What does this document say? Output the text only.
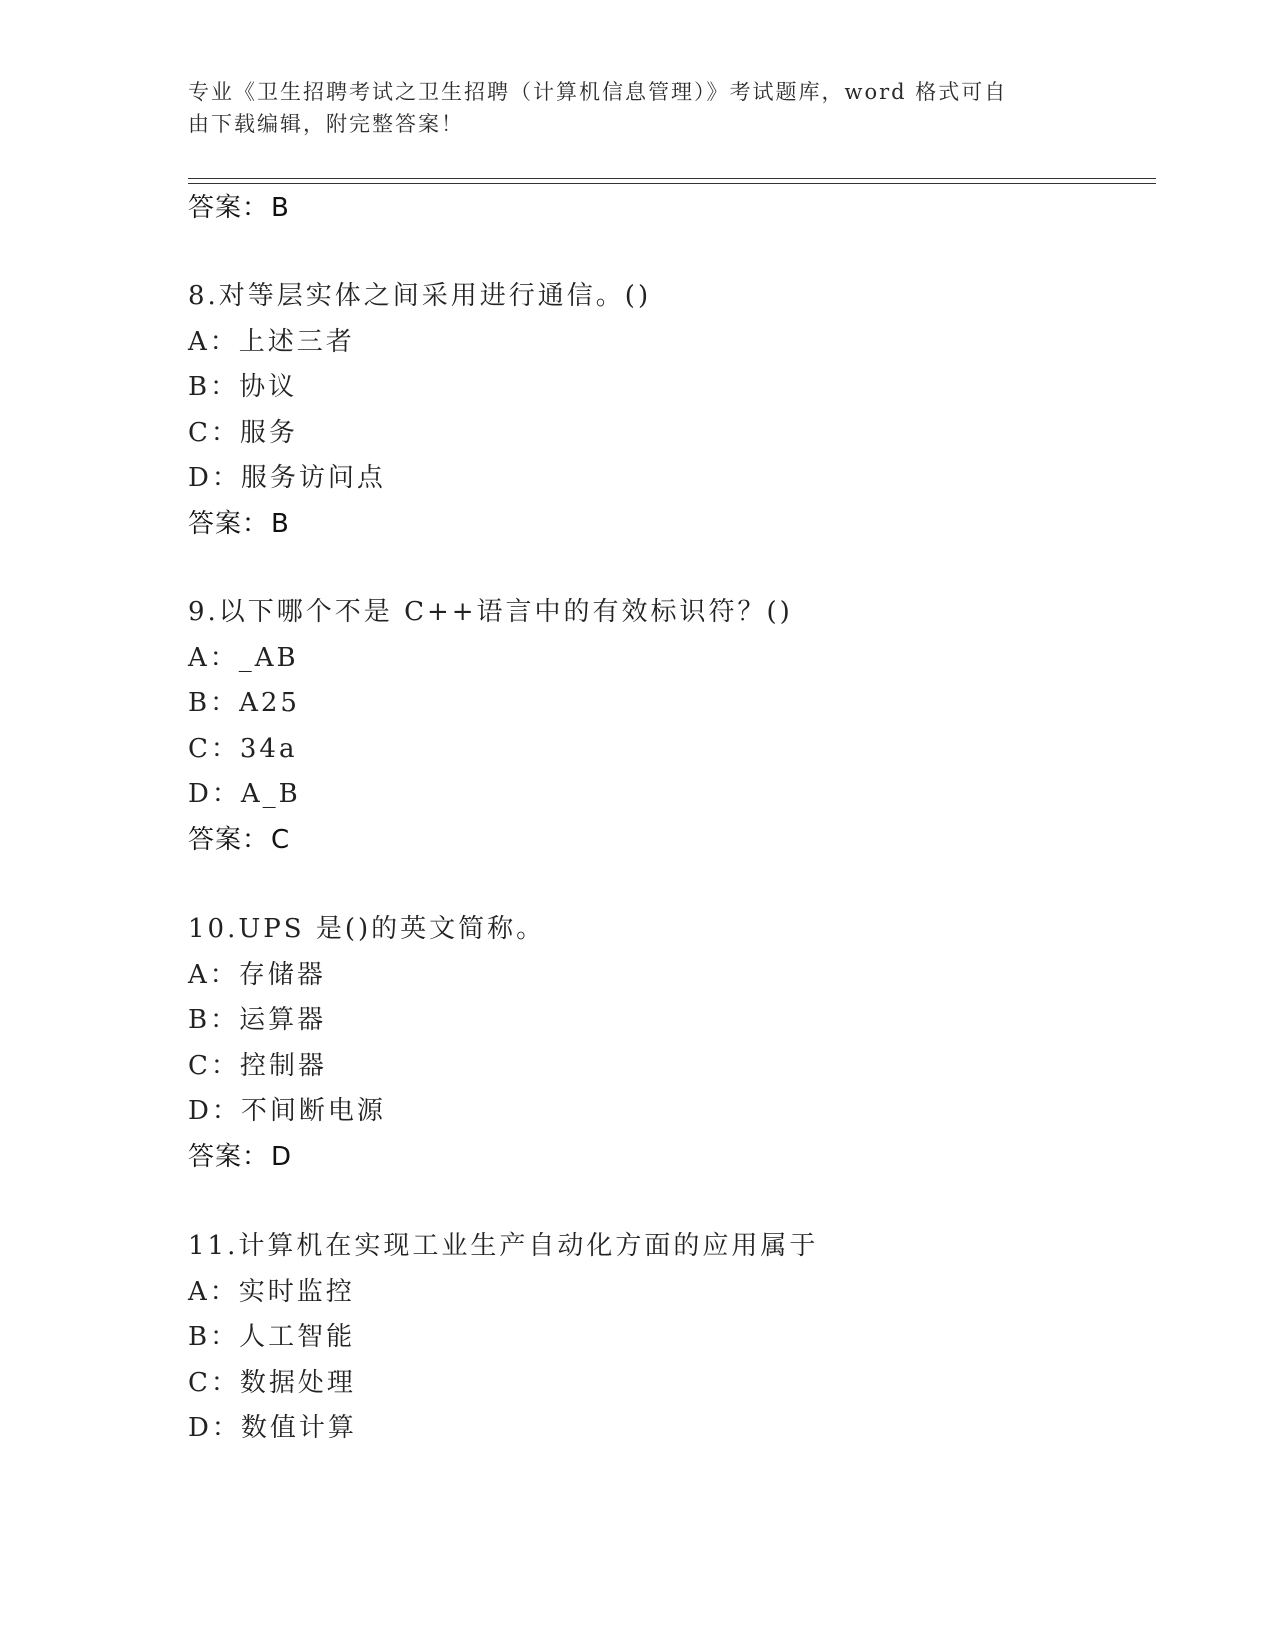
专业《卫生招聘考试之卫生招聘（计算机信息管理）》考试题库，word 格式可自
由下载编辑，附完整答案！
答案：B
8.对等层实体之间采用进行通信。()
A：上述三者
B：协议
C：服务
D：服务访问点
答案：B
9.以下哪个不是 C++语言中的有效标识符？()
A：_AB
B：A25
C：34a
D：A_B
答案：C
10.UPS 是()的英文简称。
A：存储器
B：运算器
C：控制器
D：不间断电源
答案：D
11.计算机在实现工业生产自动化方面的应用属于
A：实时监控
B：人工智能
C：数据处理
D：数值计算
